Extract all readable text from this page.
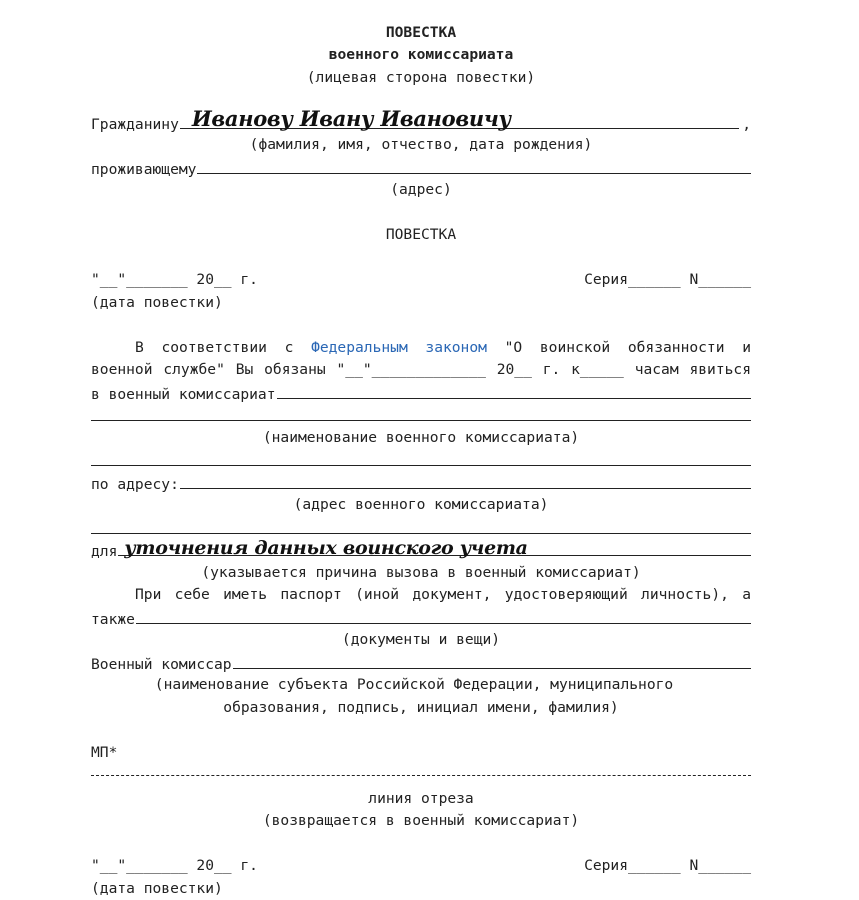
ПОВЕСТКА
военного комиссариата
(лицевая сторона повестки)
Гражданину Иванову Ивану Ивановичу	,
(фамилия, имя, отчество, дата рождения)
проживающему
(адрес)
ПОВЕСТКА
"__"_______ 20__ г.	Серия______ N______
(дата повестки)
В соответствии с Федеральным законом "О воинской обязанности и
военной службе" Вы обязаны "__"_____________ 20__ г. к_____ часам явиться
в военный комиссариат
(наименование военного комиссариата)
по адресу:
(адрес военного комиссариата)
для уточнения данных воинского учета
(указывается причина вызова в военный комиссариат)
При себе иметь паспорт (иной документ, удостоверяющий личность), а
также
(документы и вещи)
Военный комиссар
(наименование субъекта Российской Федерации, муниципального
образования, подпись, инициал имени, фамилия)
МП*
линия отреза
(возвращается в военный комиссариат)
"__"_______ 20__ г.	Серия______ N______
(дата повестки)
